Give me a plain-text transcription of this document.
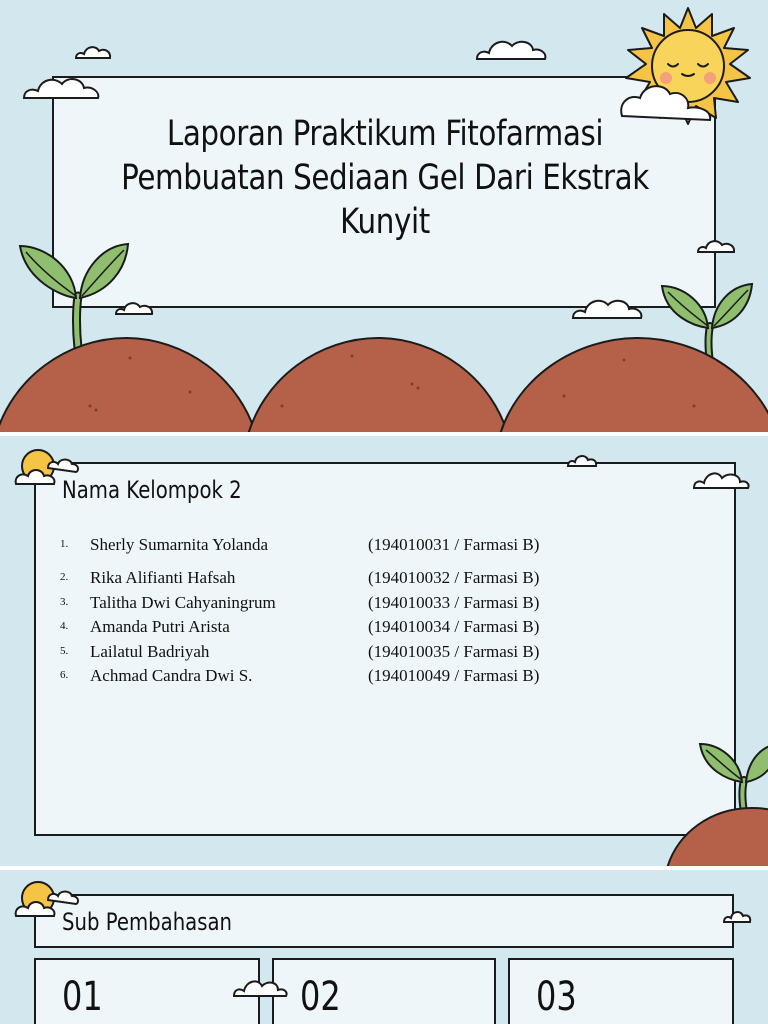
Laporan Praktikum Fitofarmasi
Pembuatan Sediaan Gel Dari Ekstrak
Kunyit
Nama Kelompok 2
1. Sherly Sumarnita Yolanda	(194010031 / Farmasi B)
2. Rika Alifianti Hafsah	(194010032 / Farmasi B)
3. Talitha Dwi Cahyaningrum	(194010033 / Farmasi B)
4. Amanda Putri Arista	(194010034 / Farmasi B)
5. Lailatul Badriyah	(194010035 / Farmasi B)
6. Achmad Candra Dwi S.	(194010049 / Farmasi B)
Sub Pembahasan
01	02	03
